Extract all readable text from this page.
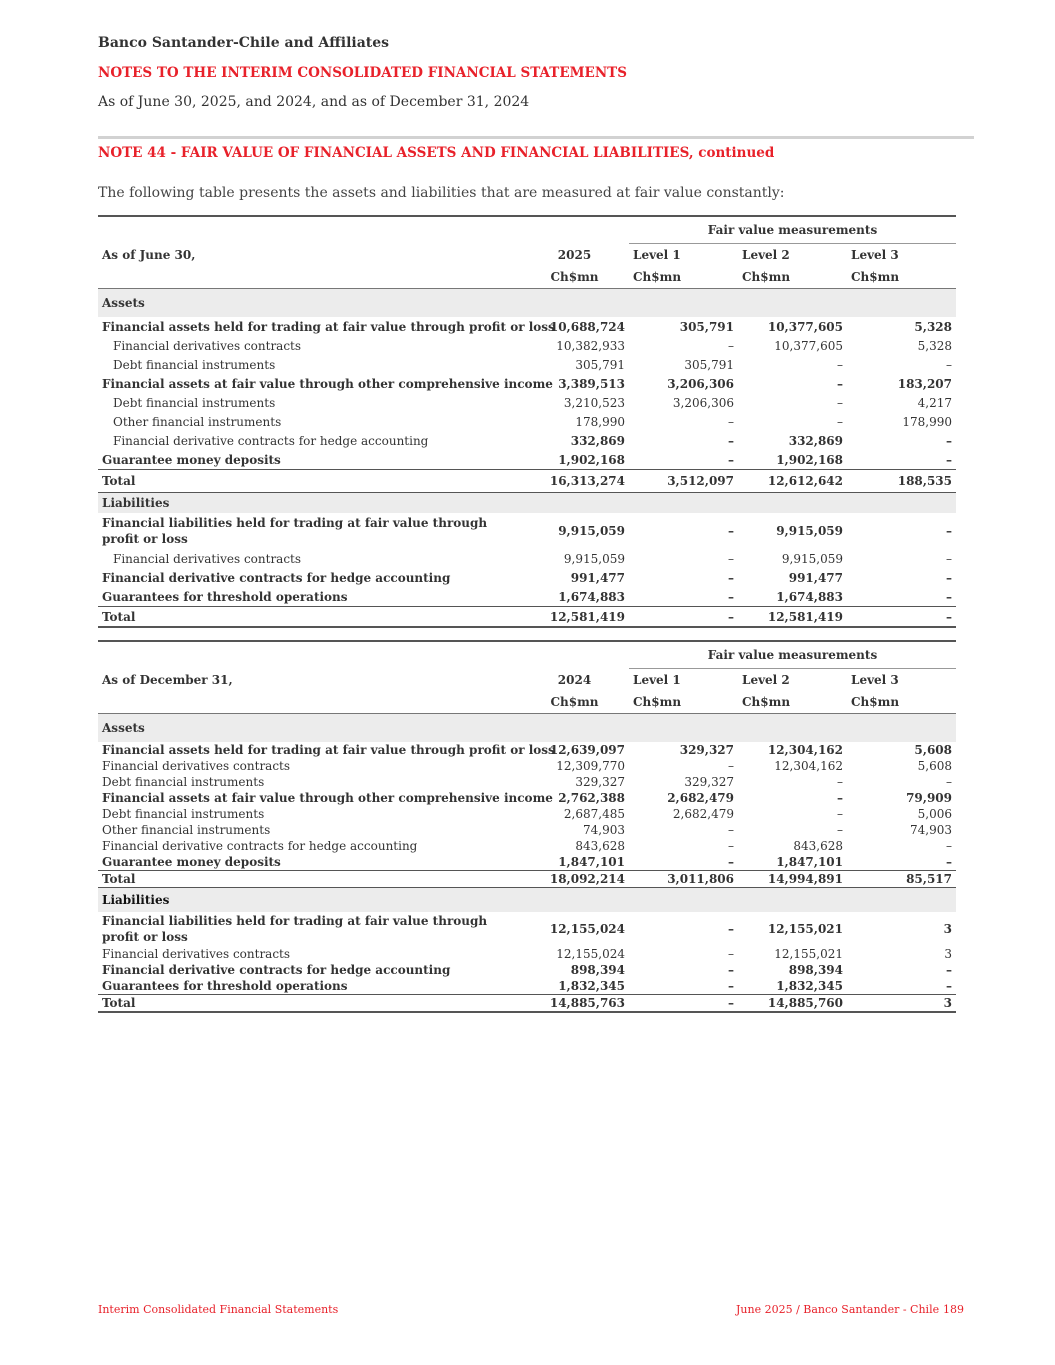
Banco Santander-Chile and Affiliates
NOTES TO THE INTERIM CONSOLIDATED FINANCIAL STATEMENTS
As of June 30, 2025, and 2024, and as of December 31, 2024
NOTE 44 - FAIR VALUE OF FINANCIAL ASSETS AND FINANCIAL LIABILITIES, continued
The following table presents the assets and liabilities that are measured at fair value constantly:

		Fair value measurements		
As of June 30,	2025	Level 1	Level 2	Level 3
	Ch$mn	Ch$mn	Ch$mn	Ch$mn
Assets				
Financial assets held for trading at fair value through profit or loss	10,688,724	305,791	10,377,605	5,328
Financial derivatives contracts	10,382,933	–	10,377,605	5,328
Debt financial instruments	305,791	305,791	–	–
Financial assets at fair value through other comprehensive income	3,389,513	3,206,306	–	183,207
Debt financial instruments	3,210,523	3,206,306	–	4,217
Other financial instruments	178,990	–	–	178,990
Financial derivative contracts for hedge accounting	332,869	–	332,869	–
Guarantee money deposits	1,902,168	–	1,902,168	–
Total	16,313,274	3,512,097	12,612,642	188,535
Liabilities				
Financial liabilities held for trading at fair value through profit or loss	9,915,059	–	9,915,059	–
Financial derivatives contracts	9,915,059	–	9,915,059	–
Financial derivative contracts for hedge accounting	991,477	–	991,477	–
Guarantees for threshold operations	1,674,883	–	1,674,883	–
Total	12,581,419	–	12,581,419	–

		Fair value measurements		
As of December 31,	2024	Level 1	Level 2	Level 3
	Ch$mn	Ch$mn	Ch$mn	Ch$mn
Assets				
Financial assets held for trading at fair value through profit or loss	12,639,097	329,327	12,304,162	5,608
Financial derivatives contracts	12,309,770	–	12,304,162	5,608
Debt financial instruments	329,327	329,327	–	–
Financial assets at fair value through other comprehensive income	2,762,388	2,682,479	–	79,909
Debt financial instruments	2,687,485	2,682,479	–	5,006
Other financial instruments	74,903	–	–	74,903
Financial derivative contracts for hedge accounting	843,628	–	843,628	–
Guarantee money deposits	1,847,101	–	1,847,101	–
Total	18,092,214	3,011,806	14,994,891	85,517
Liabilities				
Financial liabilities held for trading at fair value through profit or loss	12,155,024	–	12,155,021	3
Financial derivatives contracts	12,155,024	–	12,155,021	3
Financial derivative contracts for hedge accounting	898,394	–	898,394	–
Guarantees for threshold operations	1,832,345	–	1,832,345	–
Total	14,885,763	–	14,885,760	3
Interim Consolidated Financial Statements	June 2025 / Banco Santander - Chile 189
